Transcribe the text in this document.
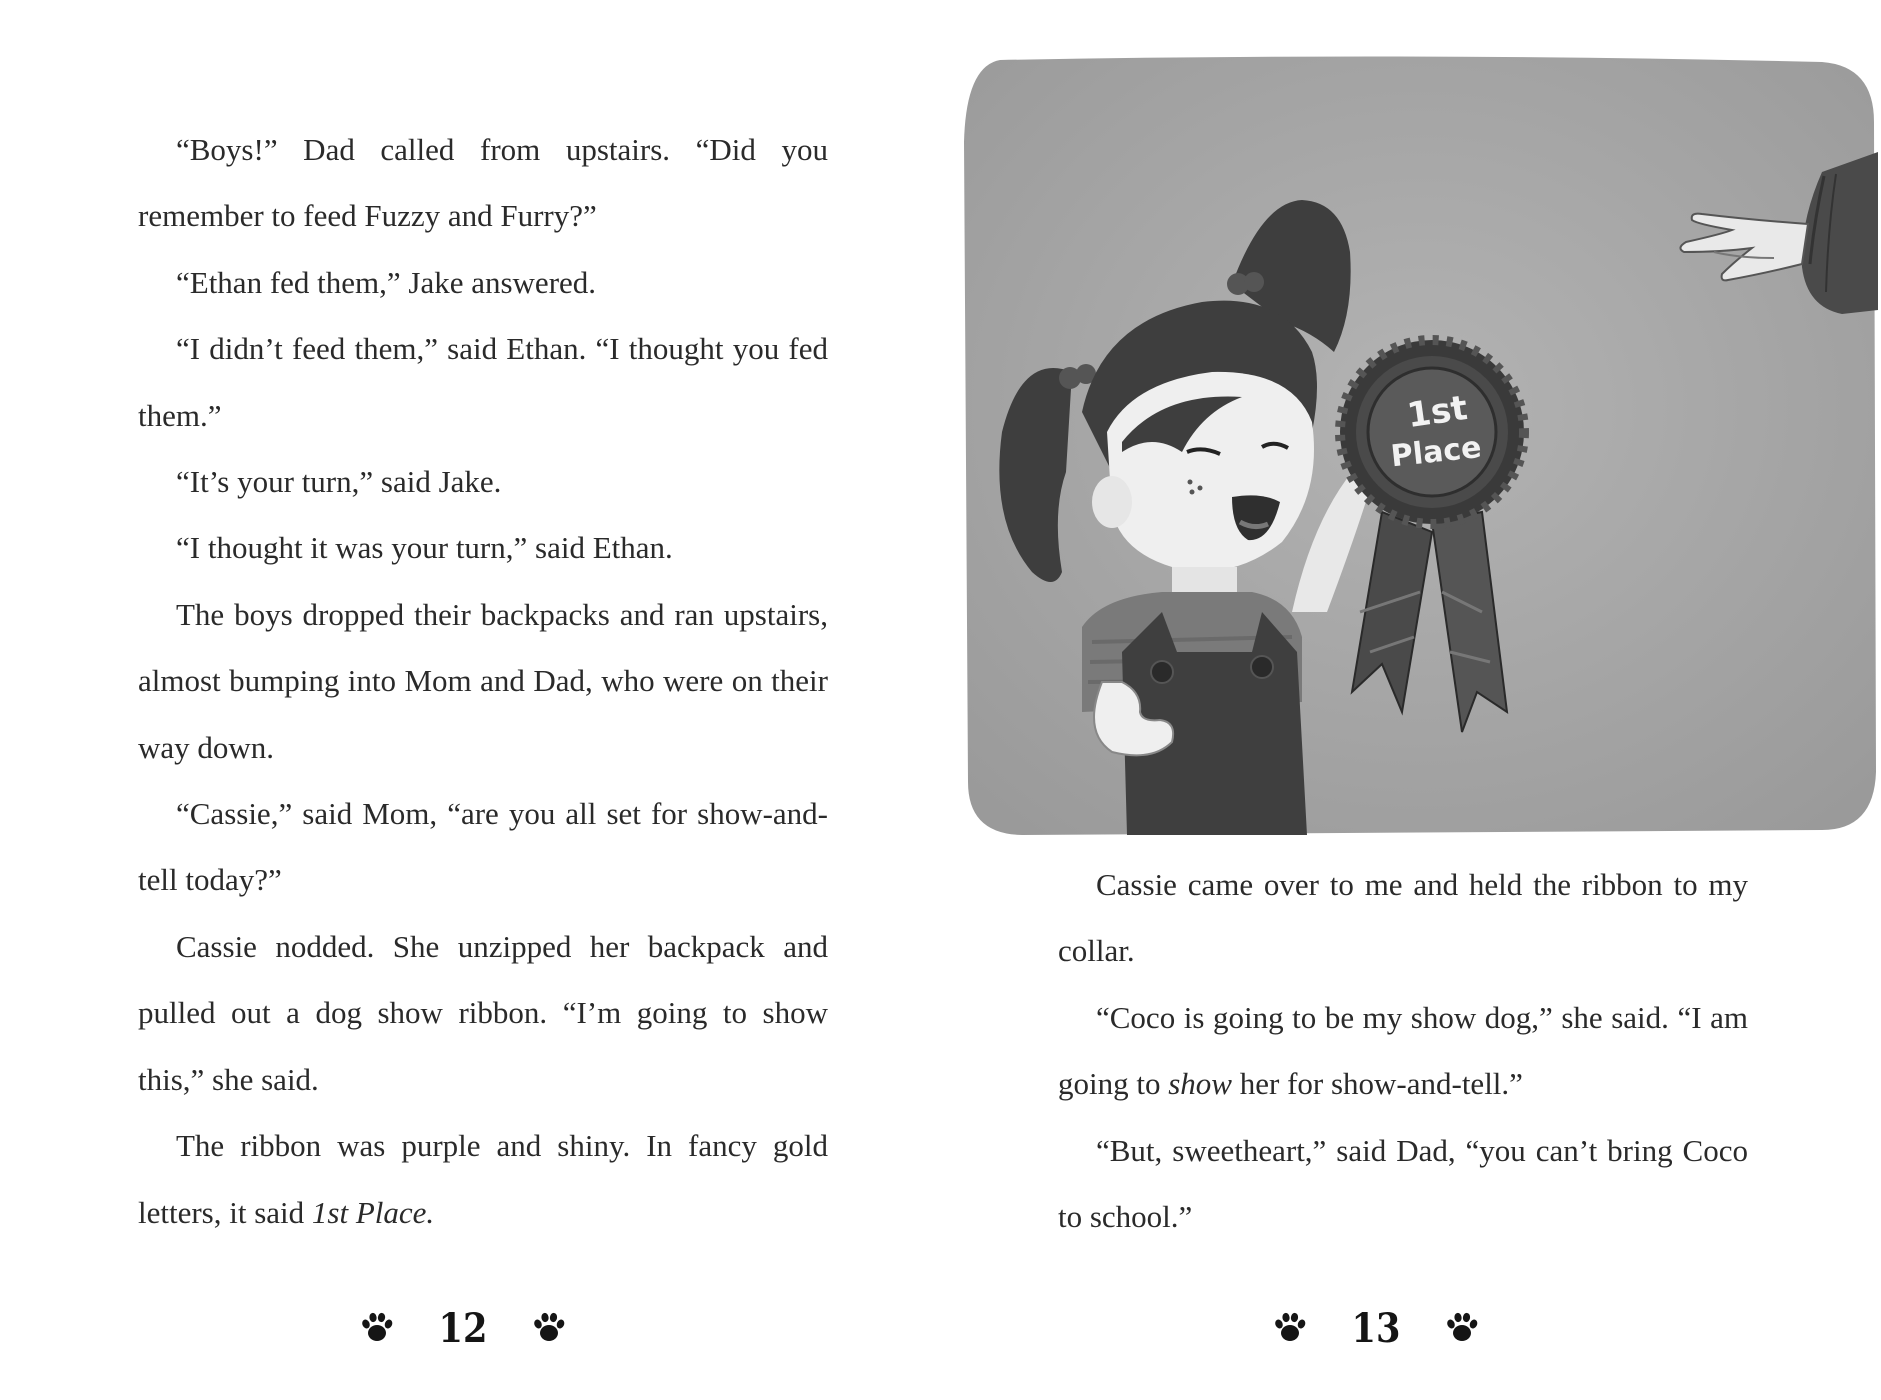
“Boys!” Dad called from upstairs. “Did you remember to feed Fuzzy and Furry?”

“Ethan fed them,” Jake answered.

“I didn’t feed them,” said Ethan. “I thought you fed them.”

“It’s your turn,” said Jake.

“I thought it was your turn,” said Ethan.

The boys dropped their backpacks and ran upstairs, almost bumping into Mom and Dad, who were on their way down.

“Cassie,” said Mom, “are you all set for show-and-tell today?”

Cassie nodded. She unzipped her backpack and pulled out a dog show ribbon. “I’m going to show this,” she said.

The ribbon was purple and shiny. In fancy gold letters, it said 1st Place.

12
1st
Place

Cassie came over to me and held the ribbon to my collar.

“Coco is going to be my show dog,” she said. “I am going to show her for show-and-tell.”

“But, sweetheart,” said Dad, “you can’t bring Coco to school.”

13
